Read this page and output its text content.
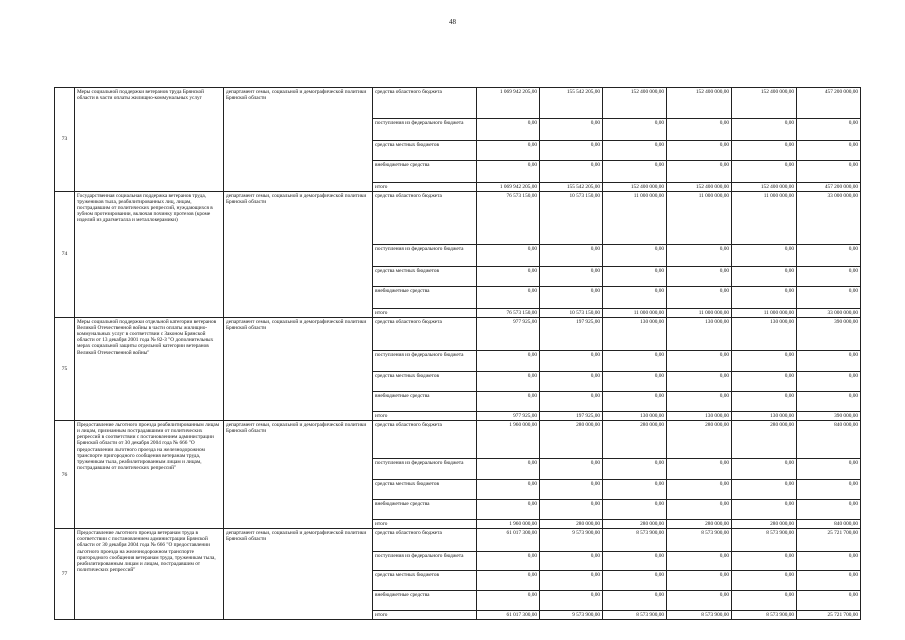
48
73	Меры социальной поддержки ветеранов труда Брянской области в части оплаты жилищно-коммунальных услуг	департамент семьи, социальной и демографической политики Брянской области	средства областного бюджета	1 069 942 205,00	155 542 205,00	152 400 000,00	152 400 000,00	152 400 000,00	457 200 000,00
			поступления из федерального бюджета	0,00	0,00	0,00	0,00	0,00	0,00
			средства местных бюджетов	0,00	0,00	0,00	0,00	0,00	0,00
			внебюджетные средства	0,00	0,00	0,00	0,00	0,00	0,00
			итого	1 069 942 205,00	155 542 205,00	152 400 000,00	152 400 000,00	152 400 000,00	457 200 000,00
74	Государственная социальная поддержка ветеранов труда, тружеников тыла, реабилитированных лиц, лицам, пострадавшим от политических репрессий, нуждающихся в зубном протезировании, включая починку протезов (кроме изделий из драгметалла и металлокерамики)	департамент семьи, социальной и демографической политики Брянской области	средства областного бюджета	76 573 150,00	10 573 150,00	11 000 000,00	11 000 000,00	11 000 000,00	33 000 000,00
			поступления из федерального бюджета	0,00	0,00	0,00	0,00	0,00	0,00
			средства местных бюджетов	0,00	0,00	0,00	0,00	0,00	0,00
			внебюджетные средства	0,00	0,00	0,00	0,00	0,00	0,00
			итого	76 573 150,00	10 573 150,00	11 000 000,00	11 000 000,00	11 000 000,00	33 000 000,00
75	Меры социальной поддержки отдельной категории ветеранов Великой Отечественной войны в части оплаты жилищно-коммунальных услуг в соответствии с Законом Брянской области от 13 декабря 2001 года № 82-З "О дополнительных мерах социальной защиты отдельной категории ветеранов Великой Отечественной войны"	департамент семьи, социальной и демографической политики Брянской области	средства областного бюджета	977 925,00	197 925,00	130 000,00	130 000,00	130 000,00	390 000,00
			поступления из федерального бюджета	0,00	0,00	0,00	0,00	0,00	0,00
			средства местных бюджетов	0,00	0,00	0,00	0,00	0,00	0,00
			внебюджетные средства	0,00	0,00	0,00	0,00	0,00	0,00
			итого	977 925,00	197 925,00	130 000,00	130 000,00	130 000,00	390 000,00
76	Предоставление льготного проезда реабилитированным лицам и лицам, признанным пострадавшими от политических репрессий в соответствии с постановлением администрации Брянской области от 30 декабря 2004 года № 666 "О предоставлении льготного проезда на железнодорожном транспорте пригородного сообщения ветеранам труда, труженикам тыла, реабилитированным лицам и лицам, пострадавшим от политических репрессий"	департамент семьи, социальной и демографической политики Брянской области	средства областного бюджета	1 960 000,00	280 000,00	280 000,00	280 000,00	280 000,00	840 000,00
			поступления из федерального бюджета	0,00	0,00	0,00	0,00	0,00	0,00
			средства местных бюджетов	0,00	0,00	0,00	0,00	0,00	0,00
			внебюджетные средства	0,00	0,00	0,00	0,00	0,00	0,00
			итого	1 960 000,00	280 000,00	280 000,00	280 000,00	280 000,00	840 000,00
77	Предоставление льготного проезда ветеранам труда в соответствии с постановлением администрации Брянской области от 30 декабря 2004 года № 666 "О предоставлении льготного проезда на железнодорожном транспорте пригородного сообщения ветеранам труда, труженикам тыла, реабилитированным лицам и лицам, пострадавшим от политических репрессий"	департамент семьи, социальной и демографической политики Брянской области	средства областного бюджета	61 017 300,00	9 573 900,00	8 573 900,00	8 573 900,00	8 573 900,00	25 721 700,00
			поступления из федерального бюджета	0,00	0,00	0,00	0,00	0,00	0,00
			средства местных бюджетов	0,00	0,00	0,00	0,00	0,00	0,00
			внебюджетные средства	0,00	0,00	0,00	0,00	0,00	0,00
			итого	61 017 300,00	9 573 900,00	8 573 900,00	8 573 900,00	8 573 900,00	25 721 700,00
